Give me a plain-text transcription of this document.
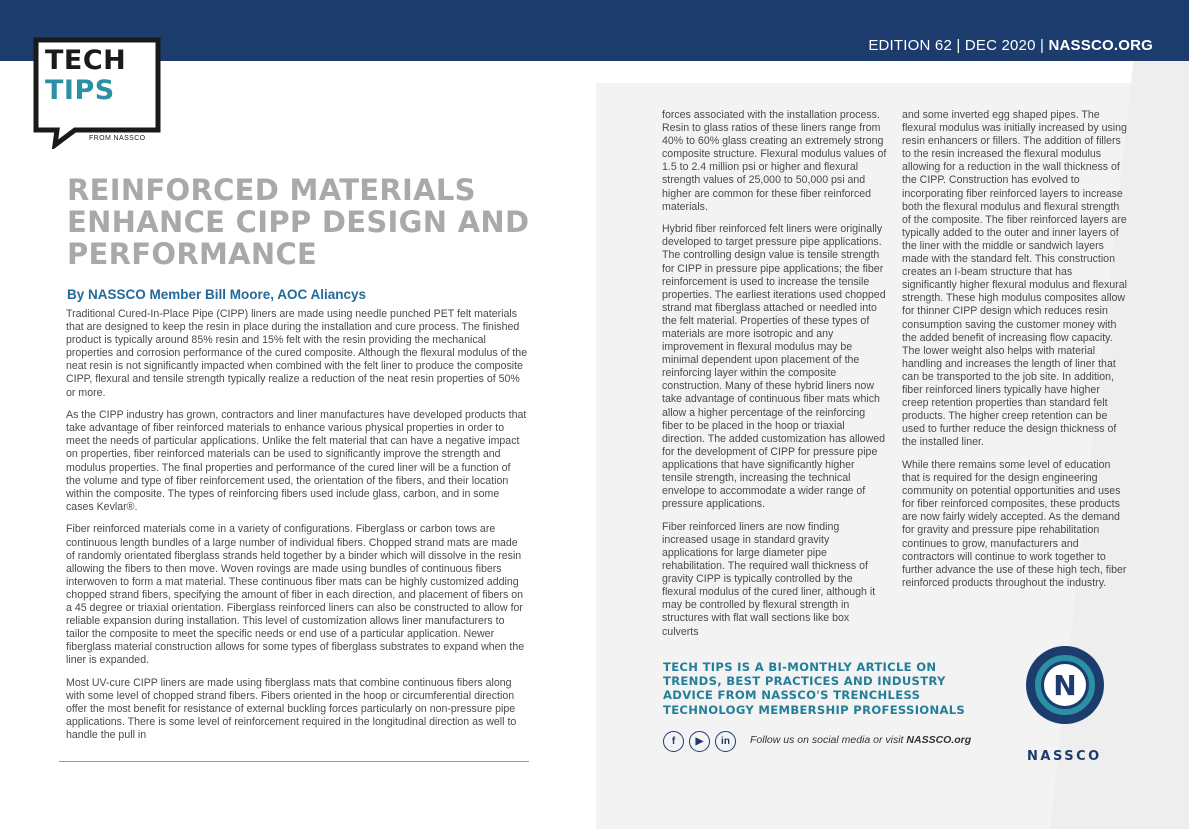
EDITION 62 | DEC 2020 | NASSCO.ORG
TECH
TIPS
FROM NASSCO
REINFORCED MATERIALS ENHANCE CIPP DESIGN AND PERFORMANCE
By NASSCO Member Bill Moore, AOC Aliancys

Traditional Cured-In-Place Pipe (CIPP) liners are made using needle punched PET felt materials that are designed to keep the resin in place during the installation and cure process. The finished product is typically around 85% resin and 15% felt with the resin providing the mechanical properties and corrosion performance of the cured composite. Although the flexural modulus of the neat resin is not significantly impacted when combined with the felt liner to produce the composite CIPP, flexural and tensile strength typically realize a reduction of the neat resin properties of 50% or more.

As the CIPP industry has grown, contractors and liner manufactures have developed products that take advantage of fiber reinforced materials to enhance various physical properties in order to meet the needs of particular applications. Unlike the felt material that can have a negative impact on properties, fiber reinforced materials can be used to significantly improve the strength and modulus properties. The final properties and performance of the cured liner will be a function of the volume and type of fiber reinforcement used, the orientation of the fibers, and their location within the composite. The types of reinforcing fibers used include glass, carbon, and in some cases Kevlar®.

Fiber reinforced materials come in a variety of configurations. Fiberglass or carbon tows are continuous length bundles of a large number of individual fibers. Chopped strand mats are made of randomly orientated fiberglass strands held together by a binder which will dissolve in the resin allowing the fibers to then move. Woven rovings are made using bundles of continuous fibers interwoven to form a mat material. These continuous fiber mats can be highly customized adding chopped strand fibers, specifying the amount of fiber in each direction, and placement of fibers on a 45 degree or triaxial orientation. Fiberglass reinforced liners can also be constructed to allow for reliable expansion during installation. This level of customization allows liner manufacturers to tailor the composite to meet the specific needs or end use of a particular application. Newer fiberglass material construction allows for some types of fiberglass substrates to expand when the liner is expanded.

Most UV-cure CIPP liners are made using fiberglass mats that combine continuous fibers along with some level of chopped strand fibers. Fibers oriented in the hoop or circumferential direction offer the most benefit for resistance of external buckling forces particularly on non-pressure pipe applications. There is some level of reinforcement required in the longitudinal direction as well to handle the pull in

forces associated with the installation process. Resin to glass ratios of these liners range from 40% to 60% glass creating an extremely strong composite structure. Flexural modulus values of 1.5 to 2.4 million psi or higher and flexural strength values of 25,000 to 50,000 psi and higher are common for these fiber reinforced materials.

Hybrid fiber reinforced felt liners were originally developed to target pressure pipe applications. The controlling design value is tensile strength for CIPP in pressure pipe applications; the fiber reinforcement is used to increase the tensile properties. The earliest iterations used chopped strand mat fiberglass attached or needled into the felt material. Properties of these types of materials are more isotropic and any improvement in flexural modulus may be minimal dependent upon placement of the reinforcing layer within the composite construction. Many of these hybrid liners now take advantage of continuous fiber mats which allow a higher percentage of the reinforcing fiber to be placed in the hoop or triaxial direction. The added customization has allowed for the development of CIPP for pressure pipe applications that have significantly higher tensile strength, increasing the technical envelope to accommodate a wider range of pressure applications.

Fiber reinforced liners are now finding increased usage in standard gravity applications for large diameter pipe rehabilitation. The required wall thickness of gravity CIPP is typically controlled by the flexural modulus of the cured liner, although it may be controlled by flexural strength in structures with flat wall sections like box culverts

and some inverted egg shaped pipes. The flexural modulus was initially increased by using resin enhancers or fillers. The addition of fillers to the resin increased the flexural modulus allowing for a reduction in the wall thickness of the CIPP. Construction has evolved to incorporating fiber reinforced layers to increase both the flexural modulus and flexural strength of the composite. The fiber reinforced layers are typically added to the outer and inner layers of the liner with the middle or sandwich layers made with the standard felt. This construction creates an I-beam structure that has significantly higher flexural modulus and flexural strength. These high modulus composites allow for thinner CIPP design which reduces resin consumption saving the customer money with the added benefit of increasing flow capacity. The lower weight also helps with material handling and increases the length of liner that can be transported to the job site. In addition, fiber reinforced liners typically have higher creep retention properties than standard felt products. The higher creep retention can be used to further reduce the design thickness of the installed liner.

While there remains some level of education that is required for the design engineering community on potential opportunities and uses for fiber reinforced composites, these products are now fairly widely accepted. As the demand for gravity and pressure pipe rehabilitation continues to grow, manufacturers and contractors will continue to work together to further advance the use of these high tech, fiber reinforced products throughout the industry.

TECH TIPS IS A BI-MONTHLY ARTICLE ON TRENDS, BEST PRACTICES AND INDUSTRY ADVICE FROM NASSCO'S TRENCHLESS TECHNOLOGY MEMBERSHIP PROFESSIONALS
f	▶	in	Follow us on social media or visit NASSCO.org
N
NASSCO
